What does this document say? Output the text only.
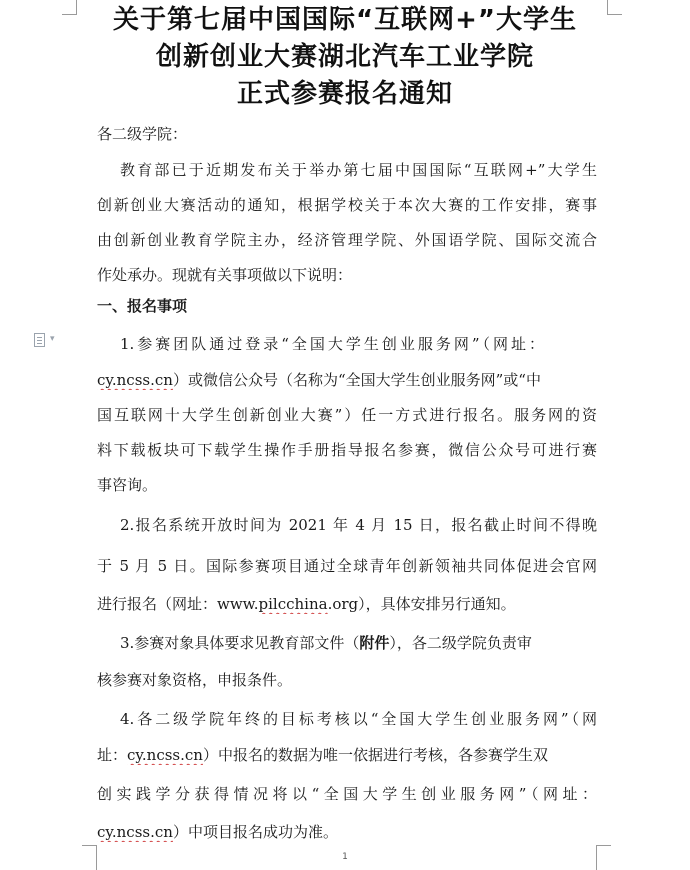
关于第七届中国国际“互联网+”大学生
创新创业大赛湖北汽车工业学院
正式参赛报名通知
各二级学院：
教育部已于近期发布关于举办第七届中国国际“互联网+”大学生
创新创业大赛活动的通知，根据学校关于本次大赛的工作安排，赛事
由创新创业教育学院主办，经济管理学院、外国语学院、国际交流合
作处承办。现就有关事项做以下说明：
一、报名事项
▾	1.参赛团队通过登录“全国大学生创业服务网”（网址：
cy.ncss.cn）或微信公众号（名称为“全国大学生创业服务网”或“中
国互联网十大学生创新创业大赛”）任一方式进行报名。服务网的资
料下载板块可下载学生操作手册指导报名参赛，微信公众号可进行赛
事咨询。
2.报名系统开放时间为 2021 年 4 月 15 日，报名截止时间不得晚
于 5 月 5 日。国际参赛项目通过全球青年创新领袖共同体促进会官网
进行报名（网址：www.pilcchina.org），具体安排另行通知。
3.参赛对象具体要求见教育部文件（附件），各二级学院负责审
核参赛对象资格，申报条件。
4.各二级学院年终的目标考核以“全国大学生创业服务网”（网
址：cy.ncss.cn）中报名的数据为唯一依据进行考核，各参赛学生双
创实践学分获得情况将以“全国大学生创业服务网”（网址：
cy.ncss.cn）中项目报名成功为准。
1
